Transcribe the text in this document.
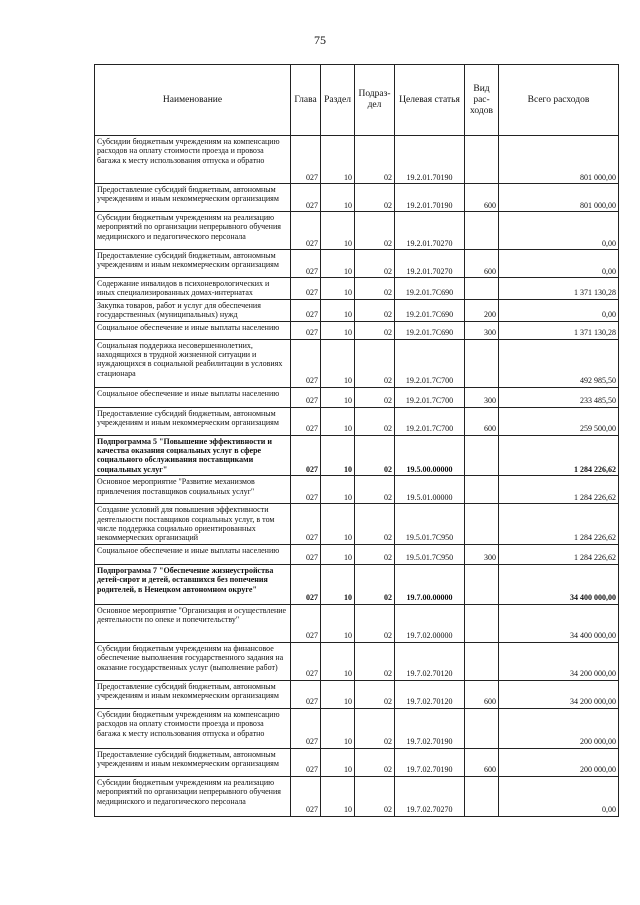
75
Наименование	Глава	Раздел	Подраз-дел	Целевая статья	Вид рас-ходов	Всего расходов
Субсидии бюджетным учреждениям на компенсацию расходов на оплату стоимости проезда и провоза багажа к месту использования отпуска и обратно	027	10	02	19.2.01.70190		801 000,00
Предоставление субсидий бюджетным, автономным учреждениям и иным некоммерческим организациям	027	10	02	19.2.01.70190	600	801 000,00
Субсидии бюджетным учреждениям на реализацию мероприятий по организации непрерывного обучения медицинского и педагогического персонала	027	10	02	19.2.01.70270		0,00
Предоставление субсидий бюджетным, автономным учреждениям и иным некоммерческим организациям	027	10	02	19.2.01.70270	600	0,00
Содержание инвалидов в психоневрологических и иных специализированных домах-интернатах	027	10	02	19.2.01.7С690		1 371 130,28
Закупка товаров, работ и услуг для обеспечения государственных (муниципальных) нужд	027	10	02	19.2.01.7С690	200	0,00
Социальное обеспечение и иные выплаты населению	027	10	02	19.2.01.7С690	300	1 371 130,28
Социальная поддержка несовершеннолетних, находящихся в трудной жизненной ситуации и нуждающихся в социальной реабилитации в условиях стационара	027	10	02	19.2.01.7С700		492 985,50
Социальное обеспечение и иные выплаты населению	027	10	02	19.2.01.7С700	300	233 485,50
Предоставление субсидий бюджетным, автономным учреждениям и иным некоммерческим организациям	027	10	02	19.2.01.7С700	600	259 500,00
Подпрограмма 5 "Повышение эффективности и качества оказания социальных услуг в сфере социального обслуживания поставщиками социальных услуг"	027	10	02	19.5.00.00000		1 284 226,62
Основное мероприятие "Развитие механизмов привлечения поставщиков социальных услуг"	027	10	02	19.5.01.00000		1 284 226,62
Создание условий для повышения эффективности деятельности поставщиков социальных услуг, в том числе поддержка социально ориентированных некоммерческих организаций	027	10	02	19.5.01.7С950		1 284 226,62
Социальное обеспечение и иные выплаты населению	027	10	02	19.5.01.7С950	300	1 284 226,62
Подпрограмма 7 "Обеспечение жизнеустройства детей-сирот и детей, оставшихся без попечения родителей, в Ненецком автономном округе"	027	10	02	19.7.00.00000		34 400 000,00
Основное мероприятие "Организация и осуществление деятельности по опеке и попечительству"	027	10	02	19.7.02.00000		34 400 000,00
Субсидии бюджетным учреждениям на финансовое обеспечение выполнения государственного задания на оказание государственных услуг (выполнение работ)	027	10	02	19.7.02.70120		34 200 000,00
Предоставление субсидий бюджетным, автономным учреждениям и иным некоммерческим организациям	027	10	02	19.7.02.70120	600	34 200 000,00
Субсидии бюджетным учреждениям на компенсацию расходов на оплату стоимости проезда и провоза багажа к месту использования отпуска и обратно	027	10	02	19.7.02.70190		200 000,00
Предоставление субсидий бюджетным, автономным учреждениям и иным некоммерческим организациям	027	10	02	19.7.02.70190	600	200 000,00
Субсидии бюджетным учреждениям на реализацию мероприятий по организации непрерывного обучения медицинского и педагогического персонала	027	10	02	19.7.02.70270		0,00
